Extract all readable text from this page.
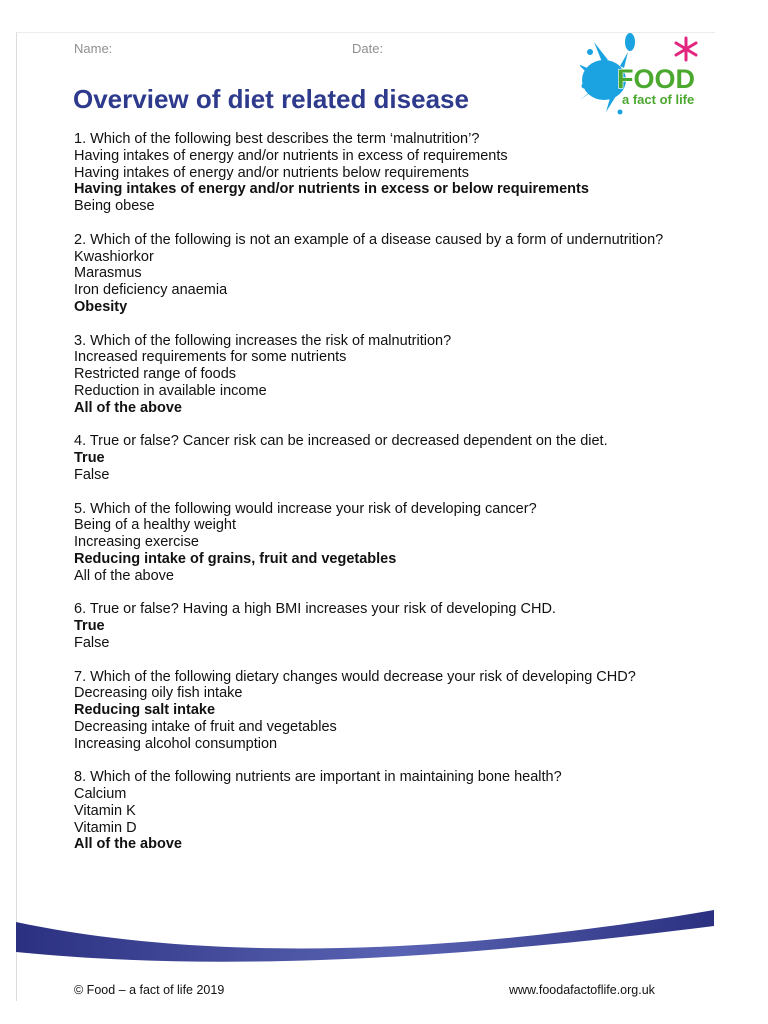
Name:	Date:
FOOD
a fact of life
Overview of diet related disease
1. Which of the following best describes the term ‘malnutrition’?
Having intakes of energy and/or nutrients in excess of requirements
Having intakes of energy and/or nutrients below requirements
Having intakes of energy and/or nutrients in excess or below requirements
Being obese
2. Which of the following is not an example of a disease caused by a form of undernutrition?
Kwashiorkor
Marasmus
Iron deficiency anaemia
Obesity
3. Which of the following increases the risk of malnutrition?
Increased requirements for some nutrients
Restricted range of foods
Reduction in available income
All of the above
4. True or false? Cancer risk can be increased or decreased dependent on the diet.
True
False
5. Which of the following would increase your risk of developing cancer?
Being of a healthy weight
Increasing exercise
Reducing intake of grains, fruit and vegetables
All of the above
6. True or false? Having a high BMI increases your risk of developing CHD.
True
False
7. Which of the following dietary changes would decrease your risk of developing CHD?
Decreasing oily fish intake
Reducing salt intake
Decreasing intake of fruit and vegetables
Increasing alcohol consumption
8. Which of the following nutrients are important in maintaining bone health?
Calcium
Vitamin K
Vitamin D
All of the above
© Food – a fact of life 2019	www.foodafactoflife.org.uk
